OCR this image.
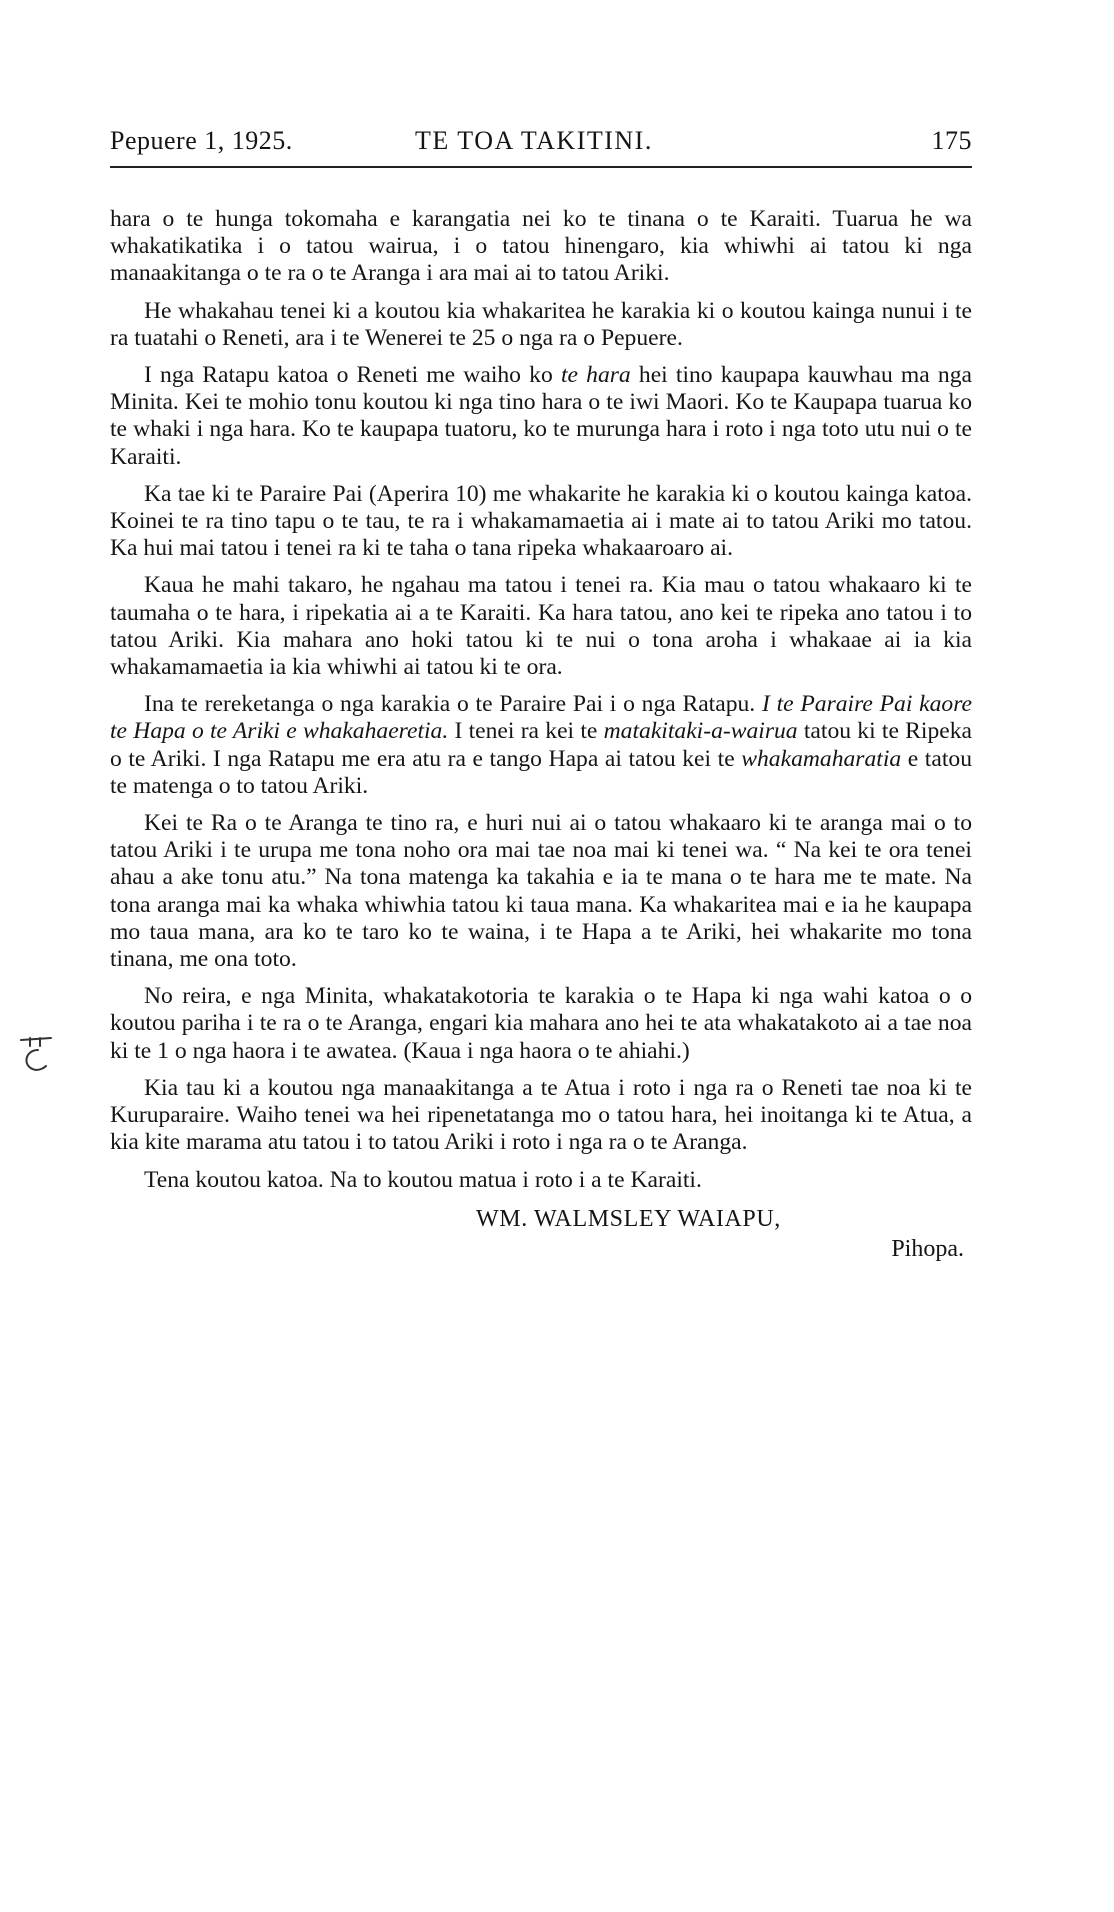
Pepuere 1, 1925.	TE TOA TAKITINI.	175

hara o te hunga tokomaha e karangatia nei ko te tinana o te Karaiti. Tuarua he wa whakatikatika i o tatou wairua, i o tatou hinengaro, kia whiwhi ai tatou ki nga manaakitanga o te ra o te Aranga i ara mai ai to tatou Ariki.

He whakahau tenei ki a koutou kia whakaritea he karakia ki o koutou kainga nunui i te ra tuatahi o Reneti, ara i te Wenerei te 25 o nga ra o Pepuere.

I nga Ratapu katoa o Reneti me waiho ko te hara hei tino kaupapa kauwhau ma nga Minita. Kei te mohio tonu koutou ki nga tino hara o te iwi Maori. Ko te Kaupapa tuarua ko te whaki i nga hara. Ko te kaupapa tuatoru, ko te murunga hara i roto i nga toto utu nui o te Karaiti.

Ka tae ki te Paraire Pai (Aperira 10) me whakarite he karakia ki o koutou kainga katoa. Koinei te ra tino tapu o te tau, te ra i whakamamaetia ai i mate ai to tatou Ariki mo tatou. Ka hui mai tatou i tenei ra ki te taha o tana ripeka whakaaroaro ai.

Kaua he mahi takaro, he ngahau ma tatou i tenei ra. Kia mau o tatou whakaaro ki te taumaha o te hara, i ripekatia ai a te Karaiti. Ka hara tatou, ano kei te ripeka ano tatou i to tatou Ariki. Kia mahara ano hoki tatou ki te nui o tona aroha i whakaae ai ia kia whakamamaetia ia kia whiwhi ai tatou ki te ora.

Ina te rereketanga o nga karakia o te Paraire Pai i o nga Ratapu. I te Paraire Pai kaore te Hapa o te Ariki e whakahaeretia. I tenei ra kei te matakitaki-a-wairua tatou ki te Ripeka o te Ariki. I nga Ratapu me era atu ra e tango Hapa ai tatou kei te whakamaharatia e tatou te matenga o to tatou Ariki.

Kei te Ra o te Aranga te tino ra, e huri nui ai o tatou whakaaro ki te aranga mai o to tatou Ariki i te urupa me tona noho ora mai tae noa mai ki tenei wa. “ Na kei te ora tenei ahau a ake tonu atu.” Na tona matenga ka takahia e ia te mana o te hara me te mate. Na tona aranga mai ka whaka whiwhia tatou ki taua mana. Ka whakaritea mai e ia he kaupapa mo taua mana, ara ko te taro ko te waina, i te Hapa a te Ariki, hei whakarite mo tona tinana, me ona toto.

No reira, e nga Minita, whakatakotoria te karakia o te Hapa ki nga wahi katoa o o koutou pariha i te ra o te Aranga, engari kia mahara ano hei te ata whakatakoto ai a tae noa ki te 1 o nga haora i te awatea. (Kaua i nga haora o te ahiahi.)

Kia tau ki a koutou nga manaakitanga a te Atua i roto i nga ra o Reneti tae noa ki te Kuruparaire. Waiho tenei wa hei ripenetatanga mo o tatou hara, hei inoitanga ki te Atua, a kia kite marama atu tatou i to tatou Ariki i roto i nga ra o te Aranga.

Tena koutou katoa. Na to koutou matua i roto i a te Karaiti.

WM. WALMSLEY WAIAPU,
Pihopa.
